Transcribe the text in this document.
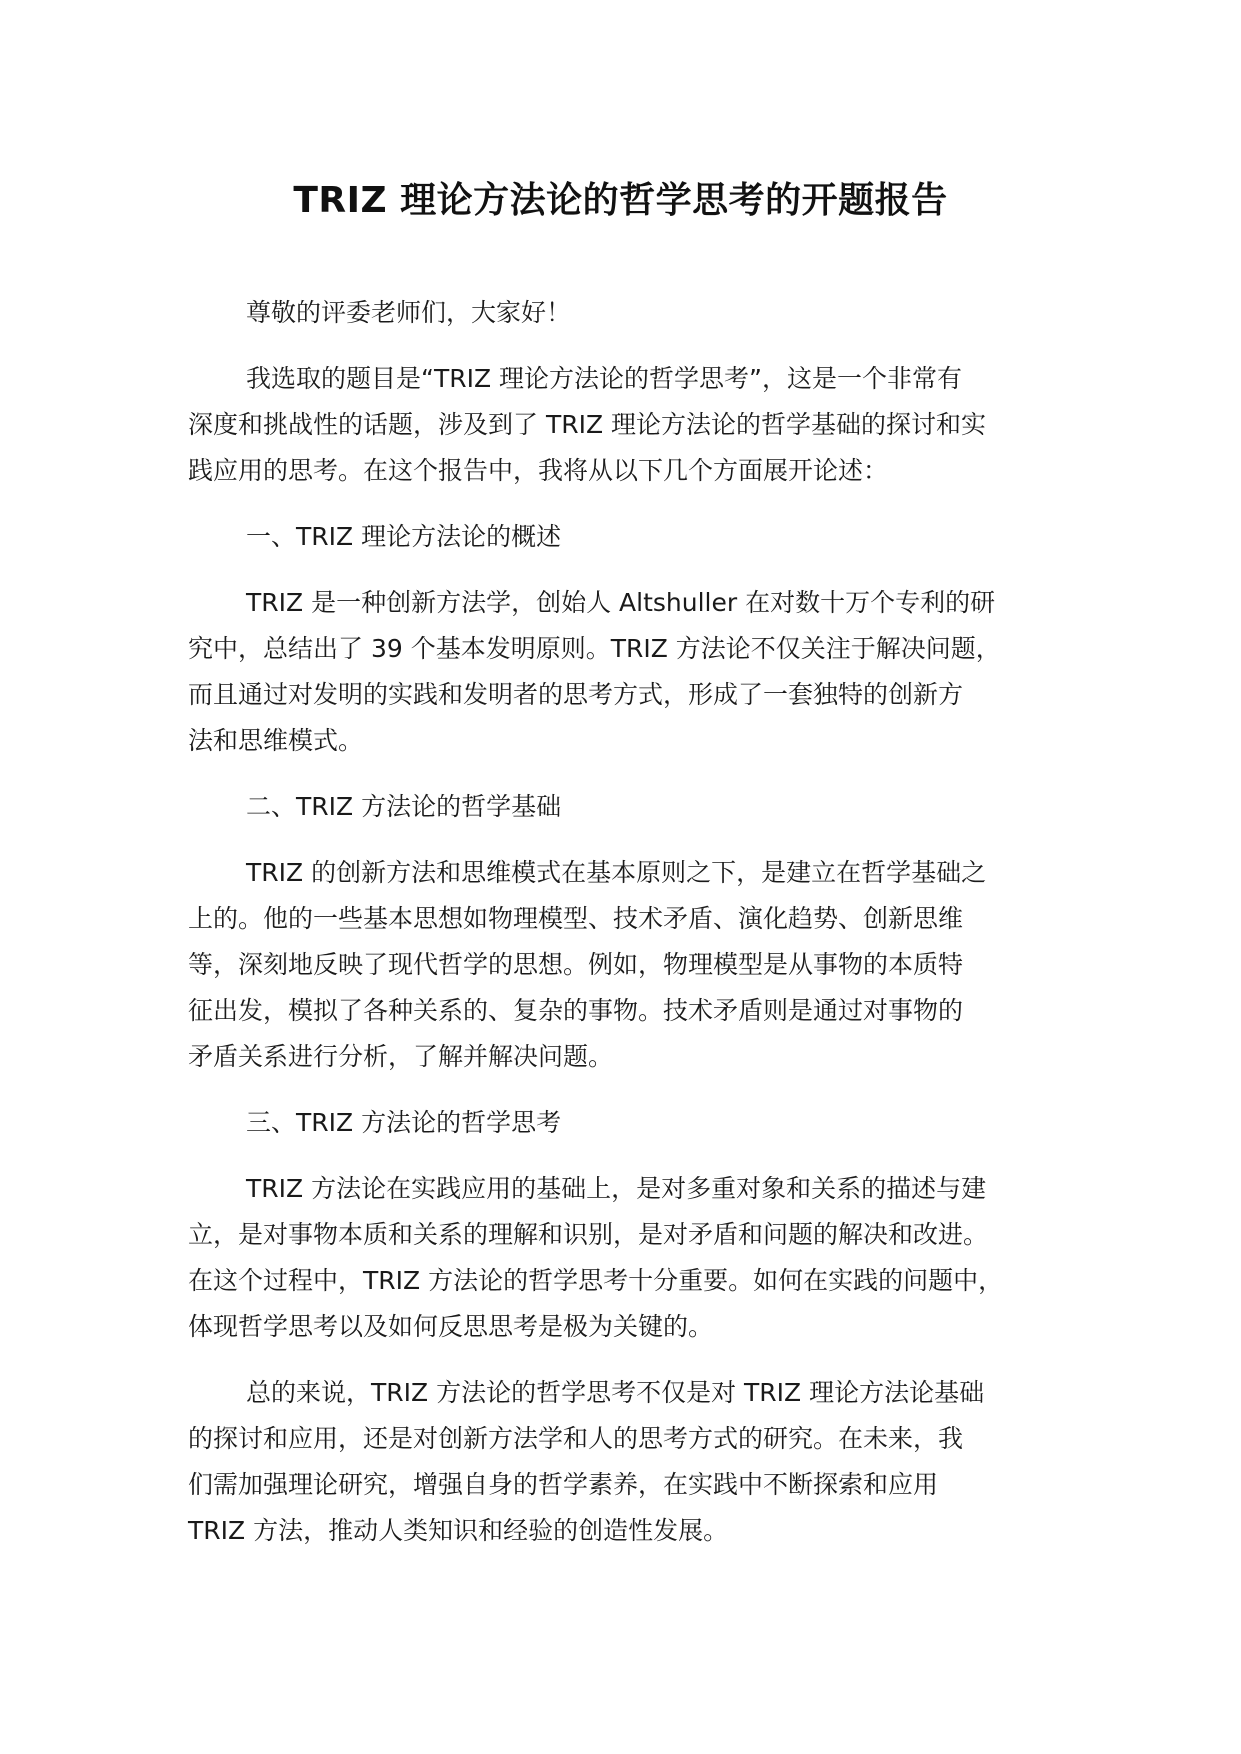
TRIZ 理论方法论的哲学思考的开题报告
尊敬的评委老师们，大家好！
我选取的题目是“TRIZ 理论方法论的哲学思考”，这是一个非常有
深度和挑战性的话题，涉及到了 TRIZ 理论方法论的哲学基础的探讨和实
践应用的思考。在这个报告中，我将从以下几个方面展开论述：
一、TRIZ 理论方法论的概述
TRIZ 是一种创新方法学，创始人 Altshuller 在对数十万个专利的研
究中，总结出了 39 个基本发明原则。TRIZ 方法论不仅关注于解决问题，
而且通过对发明的实践和发明者的思考方式，形成了一套独特的创新方
法和思维模式。
二、TRIZ 方法论的哲学基础
TRIZ 的创新方法和思维模式在基本原则之下，是建立在哲学基础之
上的。他的一些基本思想如物理模型、技术矛盾、演化趋势、创新思维
等，深刻地反映了现代哲学的思想。例如，物理模型是从事物的本质特
征出发，模拟了各种关系的、复杂的事物。技术矛盾则是通过对事物的
矛盾关系进行分析，了解并解决问题。
三、TRIZ 方法论的哲学思考
TRIZ 方法论在实践应用的基础上，是对多重对象和关系的描述与建
立，是对事物本质和关系的理解和识别，是对矛盾和问题的解决和改进。
在这个过程中，TRIZ 方法论的哲学思考十分重要。如何在实践的问题中，
体现哲学思考以及如何反思思考是极为关键的。
总的来说，TRIZ 方法论的哲学思考不仅是对 TRIZ 理论方法论基础
的探讨和应用，还是对创新方法学和人的思考方式的研究。在未来，我
们需加强理论研究，增强自身的哲学素养，在实践中不断探索和应用
TRIZ 方法，推动人类知识和经验的创造性发展。
